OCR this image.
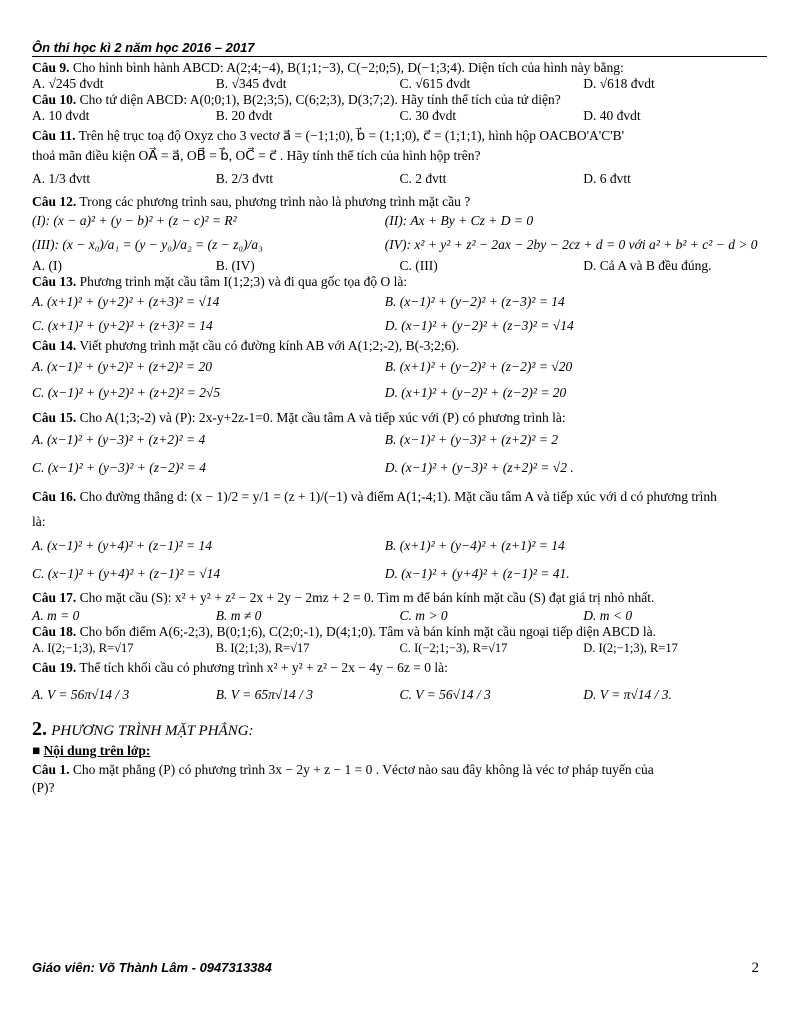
Ôn thi học kì 2 năm học 2016 – 2017

Câu 9. Cho hình bình hành ABCD: A(2;4;−4), B(1;1;−3), C(−2;0;5), D(−1;3;4). Diện tích của hình này bằng:

A. √245 đvdt	B. √345 đvdt	C. √615 đvdt	D. √618 đvdt

Câu 10. Cho tứ diện ABCD: A(0;0;1), B(2;3;5), C(6;2;3), D(3;7;2). Hãy tính thể tích của tứ diện?

A. 10 đvdt	B. 20 đvdt	C. 30 đvdt	D. 40 đvdt

Câu 11. Trên hệ trục toạ độ Oxyz cho 3 vectơ a⃗ = (−1;1;0), b⃗ = (1;1;0), c⃗ = (1;1;1), hình hộp OACBO'A'C'B'

thoả mãn điều kiện OA⃗ = a⃗, OB⃗ = b⃗, OC⃗ = c⃗ . Hãy tính thể tích của hình hộp trên?

A. 1/3 đvtt	B. 2/3 đvtt	C. 2 đvtt	D. 6 đvtt

Câu 12. Trong các phương trình sau, phương trình nào là phương trình mặt cầu ?

(I): (x − a)² + (y − b)² + (z − c)² = R²	(II): Ax + By + Cz + D = 0
(III): (x − x₀)/a₁ = (y − y₀)/a₂ = (z − z₀)/a₃	(IV): x² + y² + z² − 2ax − 2by − 2cz + d = 0 với a² + b² + c² − d > 0
A. (I)	B. (IV)	C. (III)	D. Cả A và B đều đúng.

Câu 13. Phương trình mặt cầu tâm I(1;2;3) và đi qua gốc tọa độ O là:

A. (x+1)² + (y+2)² + (z+3)² = √14	B. (x−1)² + (y−2)² + (z−3)² = 14
C. (x+1)² + (y+2)² + (z+3)² = 14	D. (x−1)² + (y−2)² + (z−3)² = √14

Câu 14. Viết phương trình mặt cầu có đường kính AB với A(1;2;-2), B(-3;2;6).

A. (x−1)² + (y+2)² + (z+2)² = 20	B. (x+1)² + (y−2)² + (z−2)² = √20
C. (x−1)² + (y+2)² + (z+2)² = 2√5	D. (x+1)² + (y−2)² + (z−2)² = 20

Câu 15. Cho A(1;3;-2) và (P): 2x-y+2z-1=0. Mặt cầu tâm A và tiếp xúc với (P) có phương trình là:

A. (x−1)² + (y−3)² + (z+2)² = 4	B. (x−1)² + (y−3)² + (z+2)² = 2
C. (x−1)² + (y−3)² + (z−2)² = 4	D. (x−1)² + (y−3)² + (z+2)² = √2 .

Câu 16. Cho đường thẳng d: (x − 1)/2 = y/1 = (z + 1)/(−1) và điểm A(1;-4;1). Mặt cầu tâm A và tiếp xúc với d có phương trình

là:

A. (x−1)² + (y+4)² + (z−1)² = 14	B. (x+1)² + (y−4)² + (z+1)² = 14
C. (x−1)² + (y+4)² + (z−1)² = √14	D. (x−1)² + (y+4)² + (z−1)² = 41.

Câu 17. Cho mặt cầu (S): x² + y² + z² − 2x + 2y − 2mz + 2 = 0. Tìm m để bán kính mặt cầu (S) đạt giá trị nhỏ nhất.

A. m = 0	B. m ≠ 0	C. m > 0	D. m < 0

Câu 18. Cho bốn điểm A(6;-2;3), B(0;1;6), C(2;0;-1), D(4;1;0). Tâm và bán kính mặt cầu ngoại tiếp diện ABCD là.

A. I(2;−1;3), R=√17	B. I(2;1;3), R=√17	C. I(−2;1;−3), R=√17	D. I(2;−1;3), R=17

Câu 19. Thể tích khối cầu có phương trình x² + y² + z² − 2x − 4y − 6z = 0 là:

A. V = 56π√14 / 3	B. V = 65π√14 / 3	C. V = 56√14 / 3	D. V = π√14 / 3.
2. PHƯƠNG TRÌNH MẶT PHẲNG:
■ Nội dung trên lớp:

Câu 1. Cho mặt phẳng (P) có phương trình 3x − 2y + z − 1 = 0 . Véctơ nào sau đây không là véc tơ pháp tuyến của

(P)?

Giáo viên: Võ Thành Lâm - 0947313384	2
